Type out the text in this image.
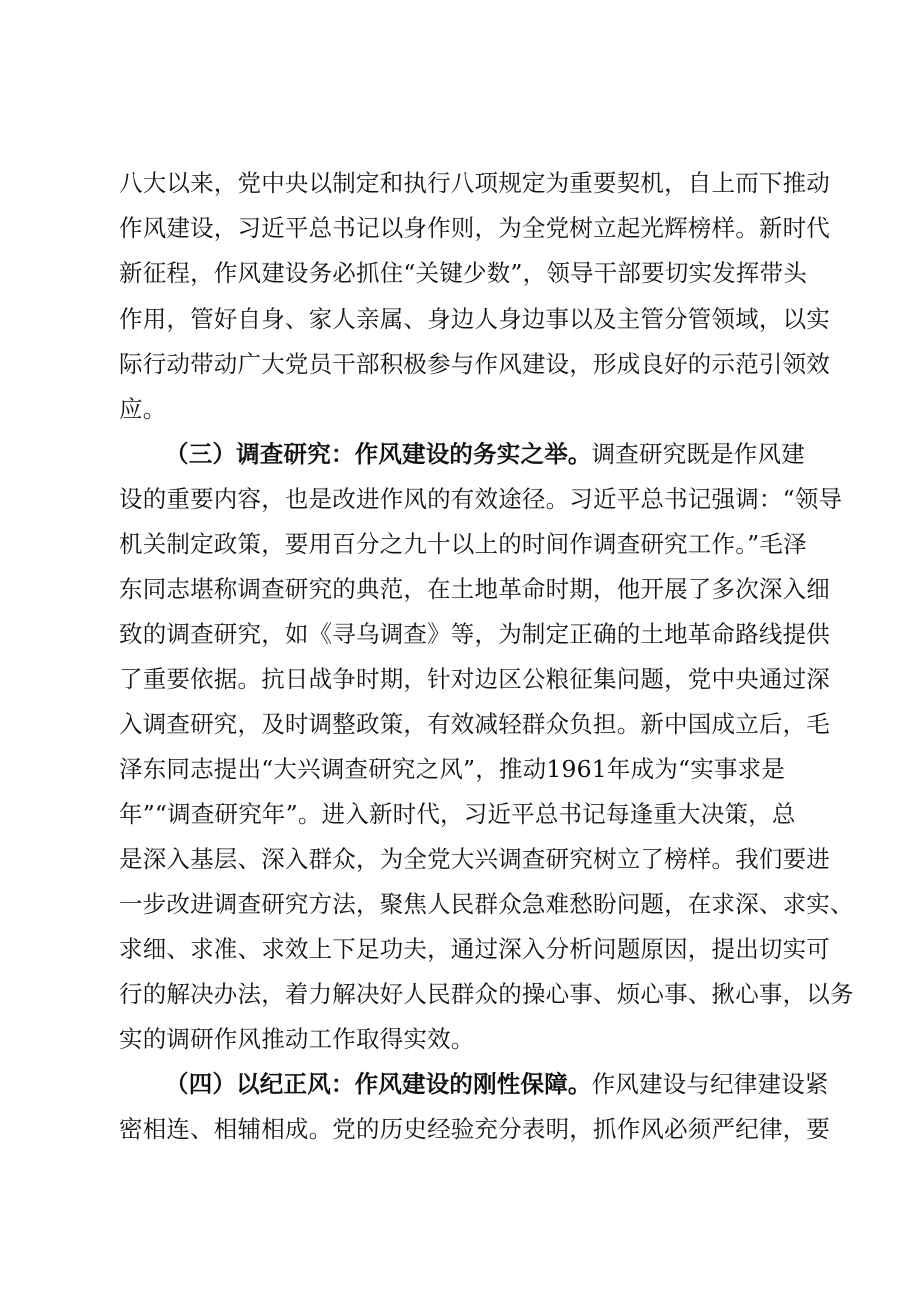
八大以来，党中央以制定和执行八项规定为重要契机，自上而下推动
作风建设，习近平总书记以身作则，为全党树立起光辉榜样。新时代
新征程，作风建设务必抓住“关键少数”，领导干部要切实发挥带头
作用，管好自身、家人亲属、身边人身边事以及主管分管领域，以实
际行动带动广大党员干部积极参与作风建设，形成良好的示范引领效
应。
（三）调查研究：作风建设的务实之举。调查研究既是作风建
设的重要内容，也是改进作风的有效途径。习近平总书记强调：“领导
机关制定政策，要用百分之九十以上的时间作调查研究工作。”毛泽
东同志堪称调查研究的典范，在土地革命时期，他开展了多次深入细
致的调查研究，如《寻乌调查》等，为制定正确的土地革命路线提供
了重要依据。抗日战争时期，针对边区公粮征集问题，党中央通过深
入调查研究，及时调整政策，有效减轻群众负担。新中国成立后，毛
泽东同志提出“大兴调查研究之风”，推动1961年成为“实事求是
年”“调查研究年”。进入新时代，习近平总书记每逢重大决策，总
是深入基层、深入群众，为全党大兴调查研究树立了榜样。我们要进
一步改进调查研究方法，聚焦人民群众急难愁盼问题，在求深、求实、
求细、求准、求效上下足功夫，通过深入分析问题原因，提出切实可
行的解决办法，着力解决好人民群众的操心事、烦心事、揪心事，以务
实的调研作风推动工作取得实效。
（四）以纪正风：作风建设的刚性保障。作风建设与纪律建设紧
密相连、相辅相成。党的历史经验充分表明，抓作风必须严纪律，要
